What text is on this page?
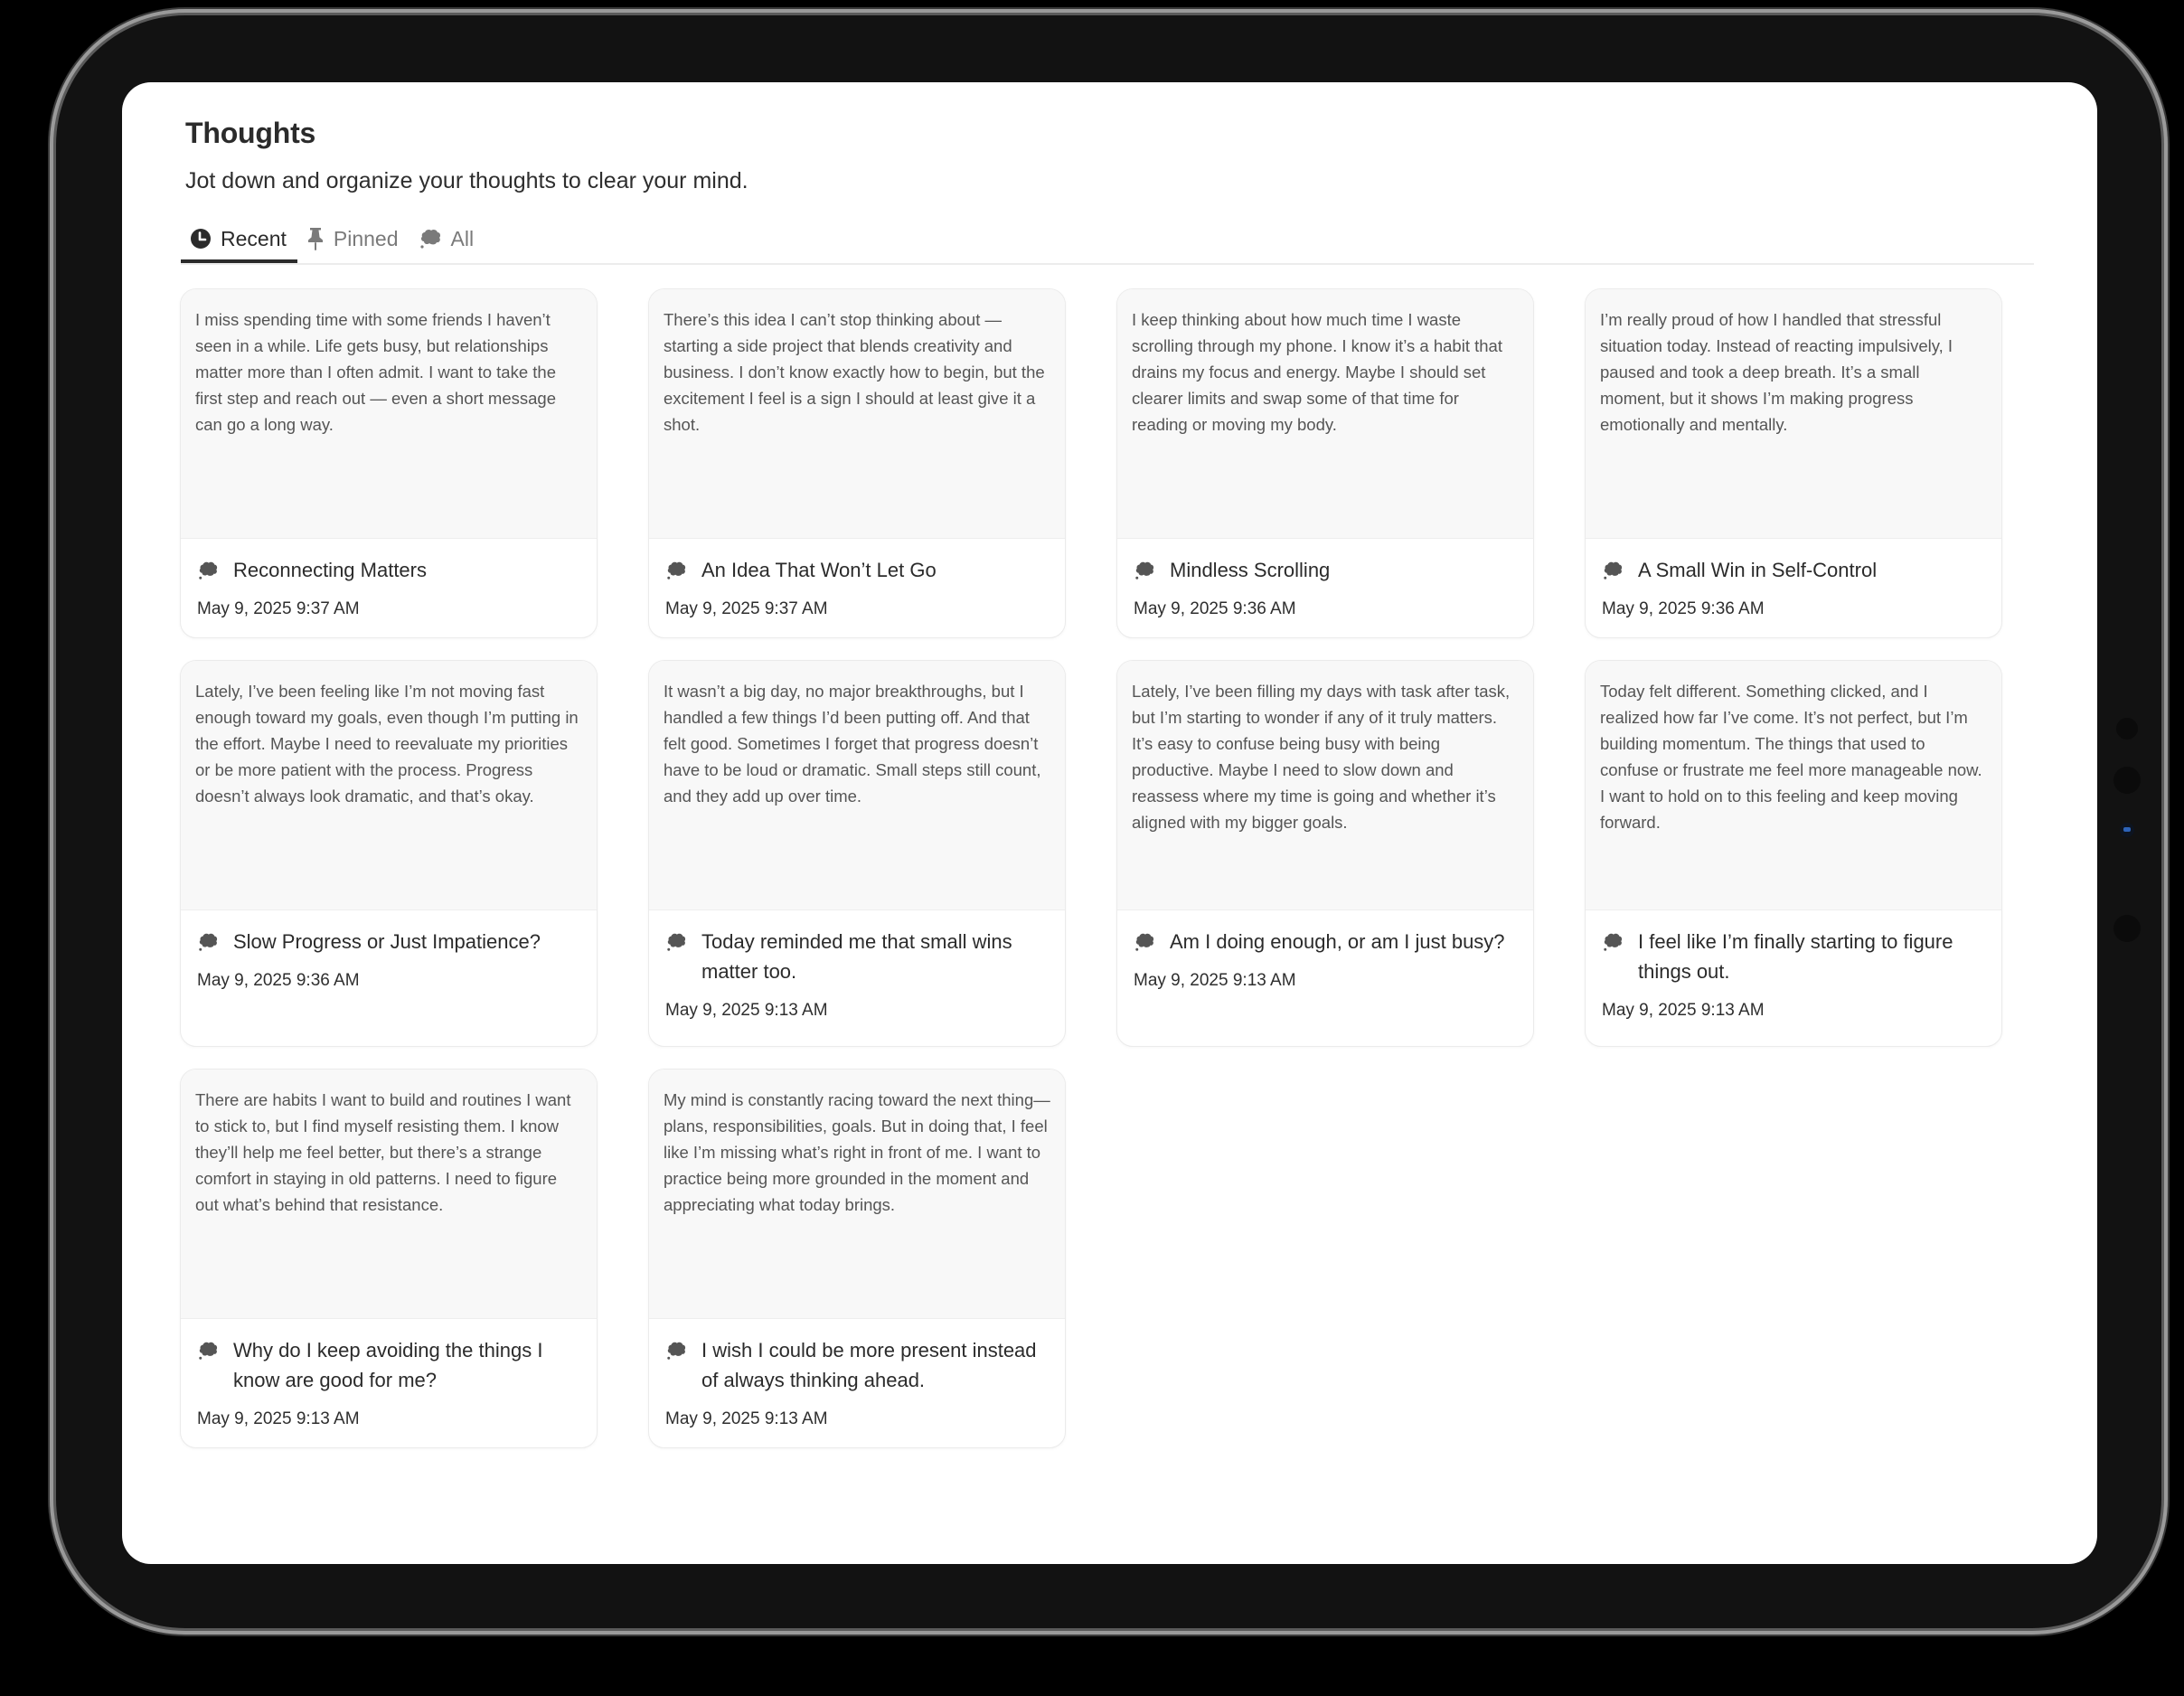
Thoughts

Jot down and organize your thoughts to clear your mind.

Recent Pinned	All
I miss spending time with some friends I haven’t seen in a while. Life gets busy, but relationships matter more than I often admit. I want to take the first step and reach out — even a short message can go a long way.
Reconnecting Matters
May 9, 2025 9:37 AM
There’s this idea I can’t stop thinking about — starting a side project that blends creativity and business. I don’t know exactly how to begin, but the excitement I feel is a sign I should at least give it a shot.
An Idea That Won’t Let Go
May 9, 2025 9:37 AM
I keep thinking about how much time I waste scrolling through my phone. I know it’s a habit that drains my focus and energy. Maybe I should set clearer limits and swap some of that time for reading or moving my body.
Mindless Scrolling
May 9, 2025 9:36 AM
I’m really proud of how I handled that stressful situation today. Instead of reacting impulsively, I paused and took a deep breath. It’s a small moment, but it shows I’m making progress emotionally and mentally.
A Small Win in Self-Control
May 9, 2025 9:36 AM
Lately, I’ve been feeling like I’m not moving fast enough toward my goals, even though I’m putting in the effort. Maybe I need to reevaluate my priorities or be more patient with the process. Progress doesn’t always look dramatic, and that’s okay.
Slow Progress or Just Impatience?
May 9, 2025 9:36 AM
It wasn’t a big day, no major breakthroughs, but I handled a few things I’d been putting off. And that felt good. Sometimes I forget that progress doesn’t have to be loud or dramatic. Small steps still count, and they add up over time.
Today reminded me that small wins matter too.
May 9, 2025 9:13 AM
Lately, I’ve been filling my days with task after task, but I’m starting to wonder if any of it truly matters. It’s easy to confuse being busy with being productive. Maybe I need to slow down and reassess where my time is going and whether it’s aligned with my bigger goals.
Am I doing enough, or am I just busy?
May 9, 2025 9:13 AM
Today felt different. Something clicked, and I realized how far I’ve come. It’s not perfect, but I’m building momentum. The things that used to confuse or frustrate me feel more manageable now. I want to hold on to this feeling and keep moving forward.
I feel like I’m finally starting to figure things out.
May 9, 2025 9:13 AM
There are habits I want to build and routines I want to stick to, but I find myself resisting them. I know they’ll help me feel better, but there’s a strange comfort in staying in old patterns. I need to figure out what’s behind that resistance.
Why do I keep avoiding the things I know are good for me?
May 9, 2025 9:13 AM
My mind is constantly racing toward the next thing—plans, responsibilities, goals. But in doing that, I feel like I’m missing what’s right in front of me. I want to practice being more grounded in the moment and appreciating what today brings.
I wish I could be more present instead of always thinking ahead.
May 9, 2025 9:13 AM
